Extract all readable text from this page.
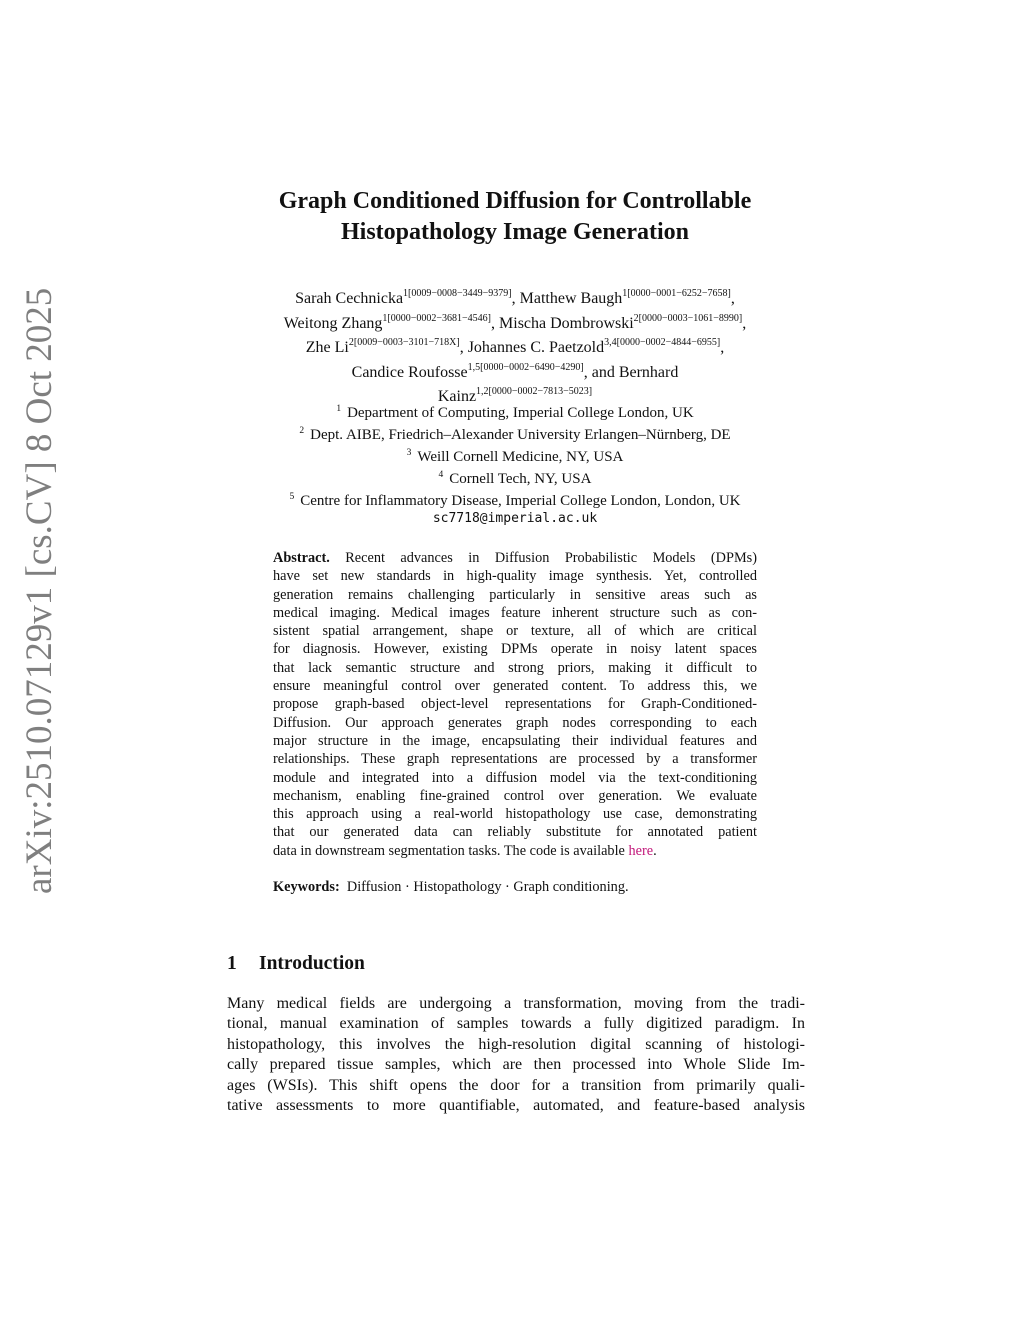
arXiv:2510.07129v1 [cs.CV] 8 Oct 2025
Graph Conditioned Diffusion for Controllable
Histopathology Image Generation
Sarah Cechnicka$^{1[0009-0008-3449-9379]}$, Matthew Baugh$^{1[0000-0001-6252-7658]}$,
Weitong Zhang$^{1[0000-0002-3681-4546]}$, Mischa Dombrowski$^{2[0000-0003-1061-8990]}$,
Zhe $Li^{2[0009-0003-3101-718X]}$, Johannes C. Paetzold$^{3,4[0000-0002-4844-6955]}$,
Candice Roufosse$^{1,5[0000-0002-6490-4290]}$, and Bernhard
Kainz$^{1,2[0000-0002-7813-5023]}$
$^1$ Department of Computing, Imperial College London, UK
$^2$ Dept. AIBE, Friedrich–Alexander University Erlangen–Nürnberg, DE
$^3$ Weill Cornell Medicine, NY, USA
$^4$ Cornell Tech, NY, USA
$^5$ Centre for Inflammatory Disease, Imperial College London, London, UK
sc7718@imperial.ac.uk
Abstract. Recent advances in Diffusion Probabilistic Models (DPMs)
have set new standards in high-quality image synthesis. Yet, controlled
generation remains challenging particularly in sensitive areas such as
medical imaging. Medical images feature inherent structure such as con-
sistent spatial arrangement, shape or texture, all of which are critical
for diagnosis. However, existing DPMs operate in noisy latent spaces
that lack semantic structure and strong priors, making it difficult to
ensure meaningful control over generated content. To address this, we
propose graph-based object-level representations for Graph-Conditioned-
Diffusion. Our approach generates graph nodes corresponding to each
major structure in the image, encapsulating their individual features and
relationships. These graph representations are processed by a transformer
module and integrated into a diffusion model via the text-conditioning
mechanism, enabling fine-grained control over generation. We evaluate
this approach using a real-world histopathology use case, demonstrating
that our generated data can reliably substitute for annotated patient
data in downstream segmentation tasks. The code is available here.
Keywords: Diffusion · Histopathology · Graph conditioning.
1 Introduction
Many medical fields are undergoing a transformation, moving from the tradi-
tional, manual examination of samples towards a fully digitized paradigm. In
histopathology, this involves the high-resolution digital scanning of histologi-
cally prepared tissue samples, which are then processed into Whole Slide Im-
ages (WSIs). This shift opens the door for a transition from primarily quali-
tative assessments to more quantifiable, automated, and feature-based analysis
